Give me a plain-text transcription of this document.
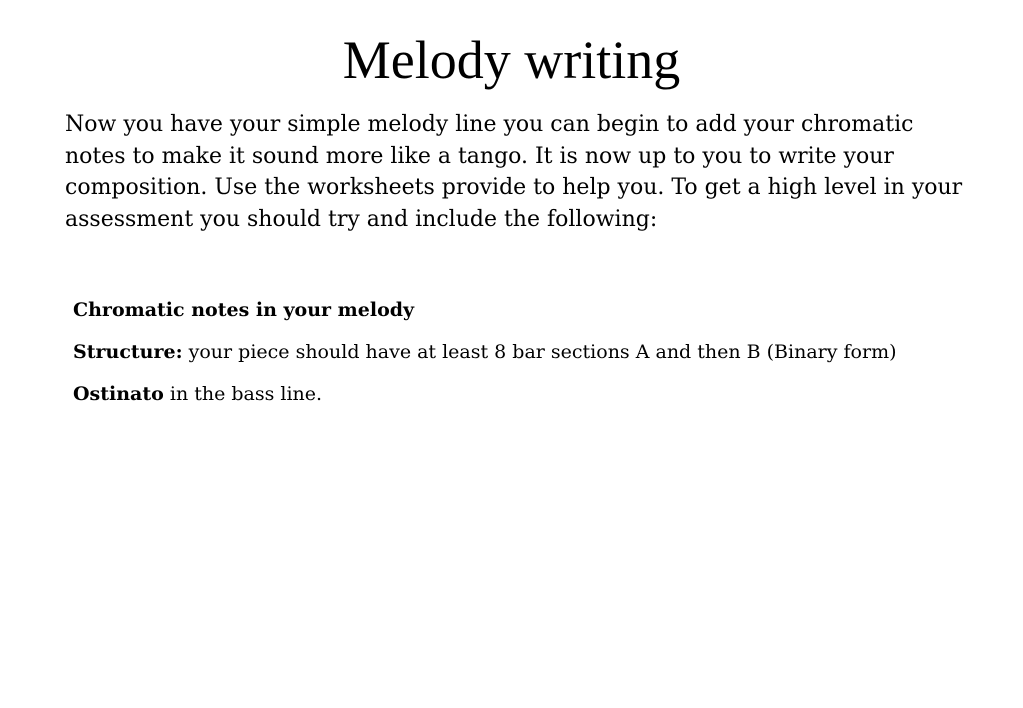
Melody writing

Now you have your simple melody line you can begin to add your chromatic notes to make it sound more like a tango. It is now up to you to write your composition. Use the worksheets provide to help you. To get a high level in your assessment you should try and include the following:

Chromatic notes in your melody
Structure: your piece should have at least 8 bar sections A and then B (Binary form)
Ostinato in the bass line.
